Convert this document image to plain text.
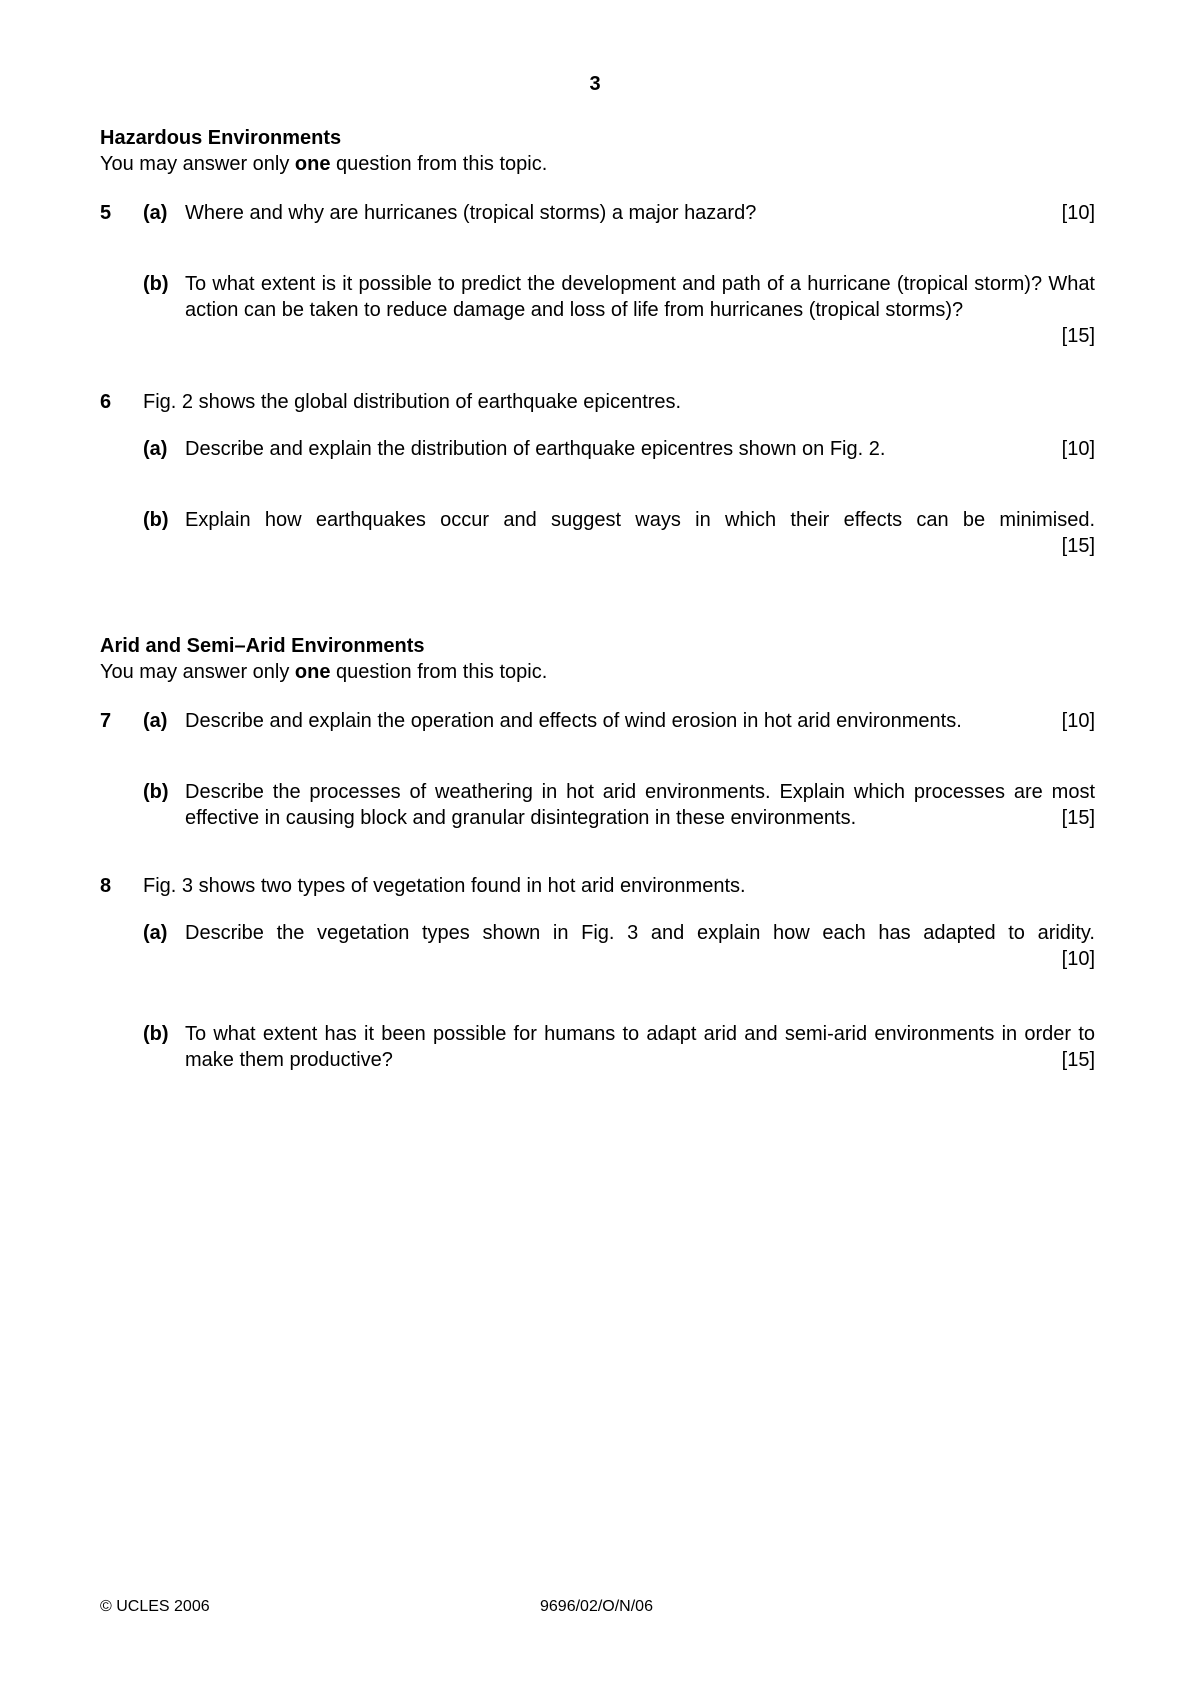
3
Hazardous Environments
You may answer only one question from this topic.
5 (a) Where and why are hurricanes (tropical storms) a major hazard?	[10]
(b) To what extent is it possible to predict the development and path of a hurricane (tropical storm)? What action can be taken to reduce damage and loss of life from hurricanes (tropical storms)?
[15]
6 Fig. 2 shows the global distribution of earthquake epicentres.
(a) Describe and explain the distribution of earthquake epicentres shown on Fig. 2.	[10]
(b) Explain how earthquakes occur and suggest ways in which their effects can be minimised.
[15]
Arid and Semi–Arid Environments
You may answer only one question from this topic.
7 (a) Describe and explain the operation and effects of wind erosion in hot arid environments.	[10]
(b) Describe the processes of weathering in hot arid environments. Explain which processes are most effective in causing block and granular disintegration in these environments.	[15]
8 Fig. 3 shows two types of vegetation found in hot arid environments.
(a) Describe the vegetation types shown in Fig. 3 and explain how each has adapted to aridity.
[10]
(b) To what extent has it been possible for humans to adapt arid and semi-arid environments in order to make them productive?	[15]
© UCLES 2006	9696/02/O/N/06
